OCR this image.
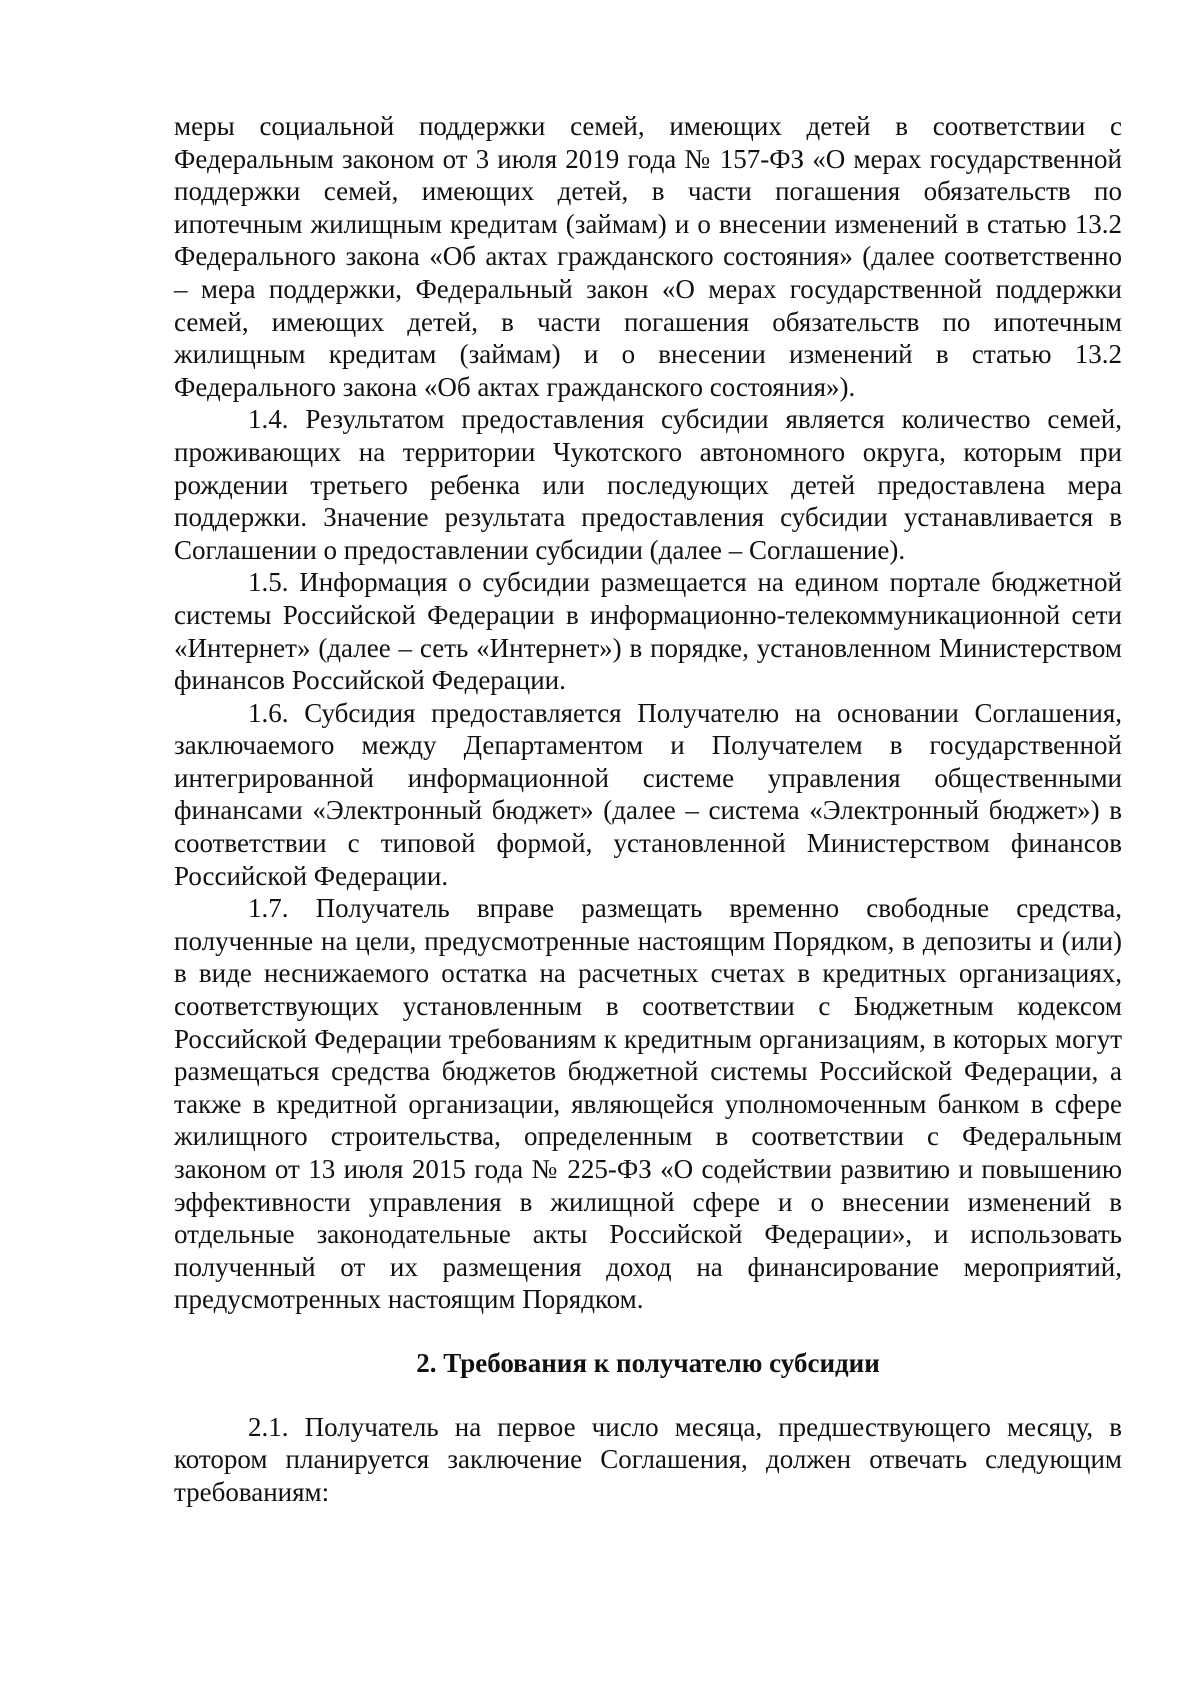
меры социальной поддержки семей, имеющих детей в соответствии с Федеральным законом от 3 июля 2019 года № 157-ФЗ «О мерах государственной поддержки семей, имеющих детей, в части погашения обязательств по ипотечным жилищным кредитам (займам) и о внесении изменений в статью 13.2 Федерального закона «Об актах гражданского состояния» (далее соответственно – мера поддержки, Федеральный закон «О мерах государственной поддержки семей, имеющих детей, в части погашения обязательств по ипотечным жилищным кредитам (займам) и о внесении изменений в статью 13.2 Федерального закона «Об актах гражданского состояния»).

1.4. Результатом предоставления субсидии является количество семей, проживающих на территории Чукотского автономного округа, которым при рождении третьего ребенка или последующих детей предоставлена мера поддержки. Значение результата предоставления субсидии устанавливается в Соглашении о предоставлении субсидии (далее – Соглашение).

1.5. Информация о субсидии размещается на едином портале бюджетной системы Российской Федерации в информационно-телекоммуникационной сети «Интернет» (далее – сеть «Интернет») в порядке, установленном Министерством финансов Российской Федерации.

1.6. Субсидия предоставляется Получателю на основании Соглашения, заключаемого между Департаментом и Получателем в государственной интегрированной информационной системе управления общественными финансами «Электронный бюджет» (далее – система «Электронный бюджет») в соответствии с типовой формой, установленной Министерством финансов Российской Федерации.

1.7. Получатель вправе размещать временно свободные средства, полученные на цели, предусмотренные настоящим Порядком, в депозиты и (или) в виде неснижаемого остатка на расчетных счетах в кредитных организациях, соответствующих установленным в соответствии с Бюджетным кодексом Российской Федерации требованиям к кредитным организациям, в которых могут размещаться средства бюджетов бюджетной системы Российской Федерации, а также в кредитной организации, являющейся уполномоченным банком в сфере жилищного строительства, определенным в соответствии с Федеральным законом от 13 июля 2015 года № 225-ФЗ «О содействии развитию и повышению эффективности управления в жилищной сфере и о внесении изменений в отдельные законодательные акты Российской Федерации», и использовать полученный от их размещения доход на финансирование мероприятий, предусмотренных настоящим Порядком.

2. Требования к получателю субсидии

2.1. Получатель на первое число месяца, предшествующего месяцу, в котором планируется заключение Соглашения, должен отвечать следующим требованиям:
